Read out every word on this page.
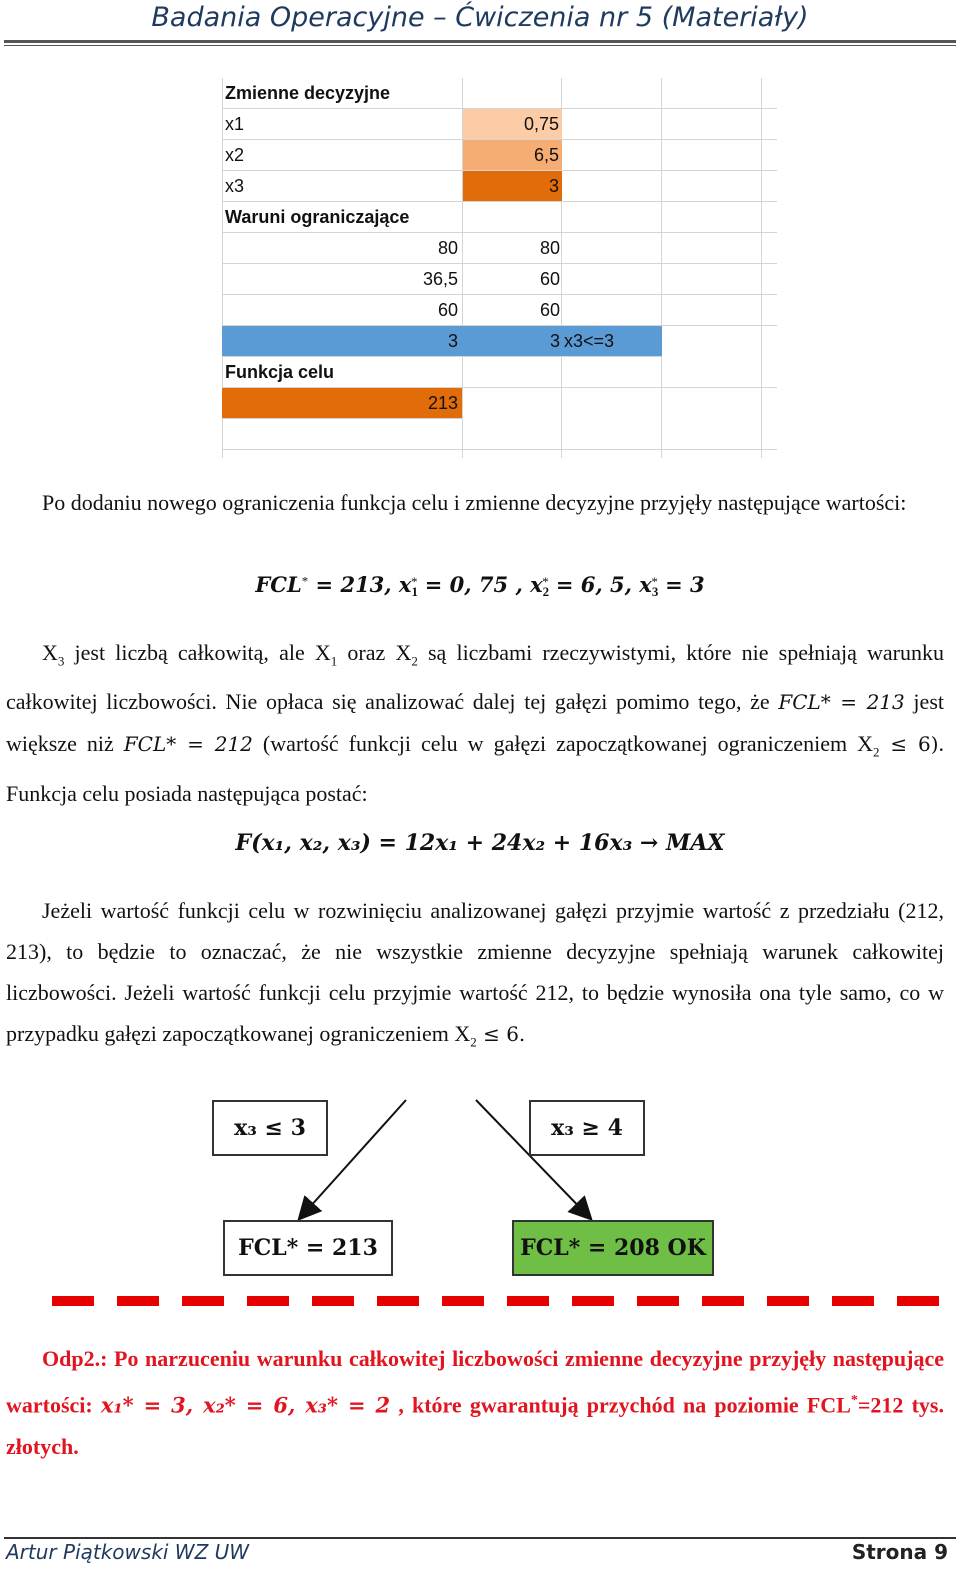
Badania Operacyjne – Ćwiczenia nr 5 (Materiały)
Zmienne decyzyjne
x1	0,75
x2	6,5
x3	3
Waruni ograniczające
80	80
36,5	60
60	60
3	3 x3<=3
Funkcja celu
213
Po dodaniu nowego ograniczenia funkcja celu i zmienne decyzyjne przyjęły następujące wartości:
FCL* = 213, $x_1^* = 0$, 75 , $x_2^* = 6$, 5, $x_3^* = 3$
$X_3$ jest liczbą całkowitą, ale $X_1$ oraz $X_2$ są liczbami rzeczywistymi, które nie spełniają warunku całkowitej liczbowości. Nie opłaca się analizować dalej tej gałęzi pomimo tego, że FCL* = 213 jest większe niż FCL* = 212 (wartość funkcji celu w gałęzi zapoczątkowanej ograniczeniem $X_2 \le 6$). Funkcja celu posiada następująca postać:
F(x₁, x₂, x₃) = 12x₁ + 24x₂ + 16x₃ → MAX
Jeżeli wartość funkcji celu w rozwinięciu analizowanej gałęzi przyjmie wartość z przedziału (212, 213), to będzie to oznaczać, że nie wszystkie zmienne decyzyjne spełniają warunek całkowitej liczbowości. Jeżeli wartość funkcji celu przyjmie wartość 212, to będzie wynosiła ona tyle samo, co w przypadku gałęzi zapoczątkowanej ograniczeniem $X_2 \le 6$.
x₃ ≤ 3	x₃ ≥ 4
FCL* = 213	FCL* = 208 OK
Odp2.: Po narzuceniu warunku całkowitej liczbowości zmienne decyzyjne przyjęły następujące wartości: x₁* = 3, x₂* = 6, x₃* = 2 , które gwarantują przychód na poziomie FCL*=212 tys. złotych.
Artur Piątkowski WZ UW	Strona 9
